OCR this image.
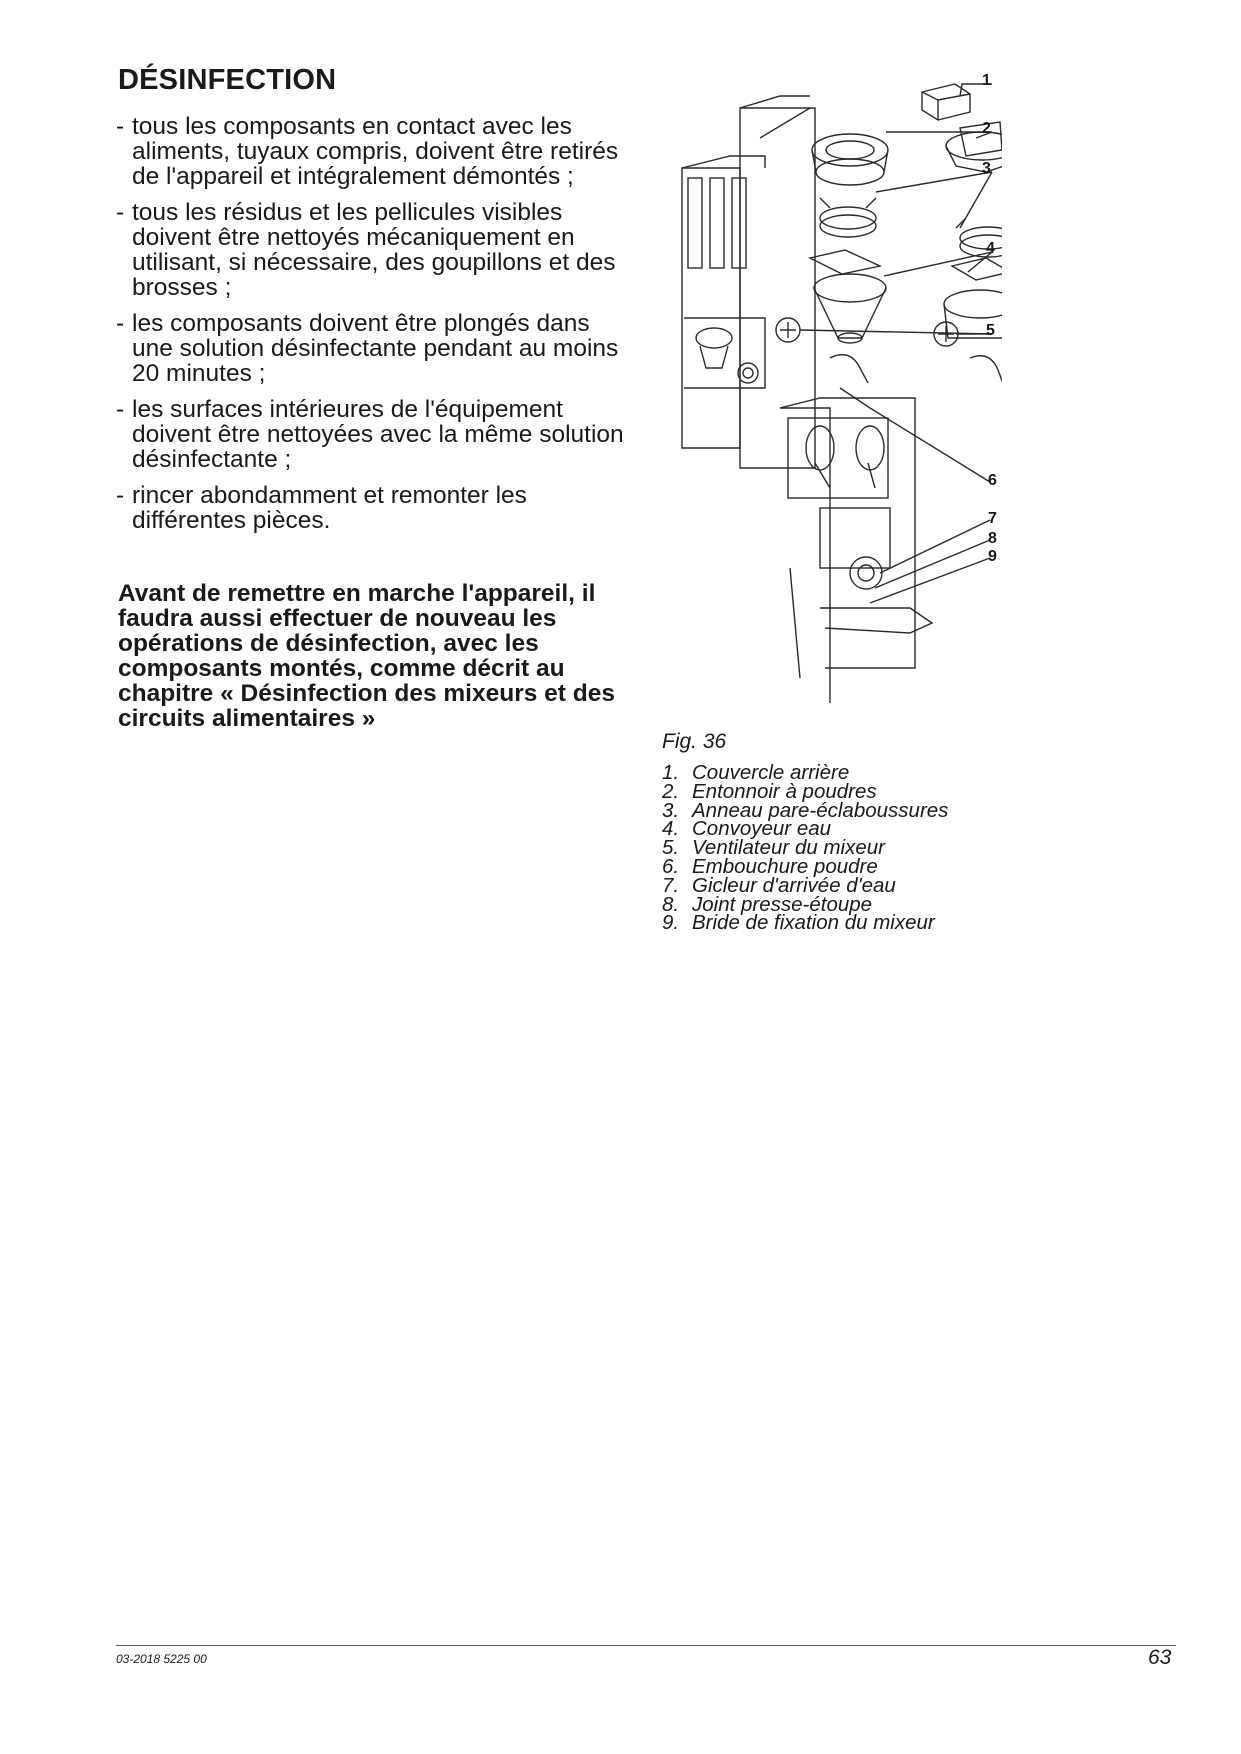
DÉSINFECTION
- tous les composants en contact avec les aliments, tuyaux compris, doivent être retirés de l'appareil et intégralement démontés ;
- tous les résidus et les pellicules visibles doivent être nettoyés mécaniquement en utilisant, si nécessaire, des goupillons et des brosses ;
- les composants doivent être plongés dans une solution désinfectante pendant au moins 20 minutes ;
- les surfaces intérieures de l'équipement doivent être nettoyées avec la même solution désinfectante ;
- rincer abondamment et remonter les différentes pièces.

Avant de remettre en marche l'appareil, il faudra aussi effectuer de nouveau les opérations de désinfection, avec les composants montés, comme décrit au chapitre « Désinfection des mixeurs et des circuits alimentaires »

1
2
3
4
5
6
7
8
9

Fig. 36

1. Couvercle arrière
2. Entonnoir à poudres
3. Anneau pare-éclaboussures
4. Convoyeur eau
5. Ventilateur du mixeur
6. Embouchure poudre
7. Gicleur d'arrivée d'eau
8. Joint presse-étoupe
9. Bride de fixation du mixeur
03-2018 5225 00	63
